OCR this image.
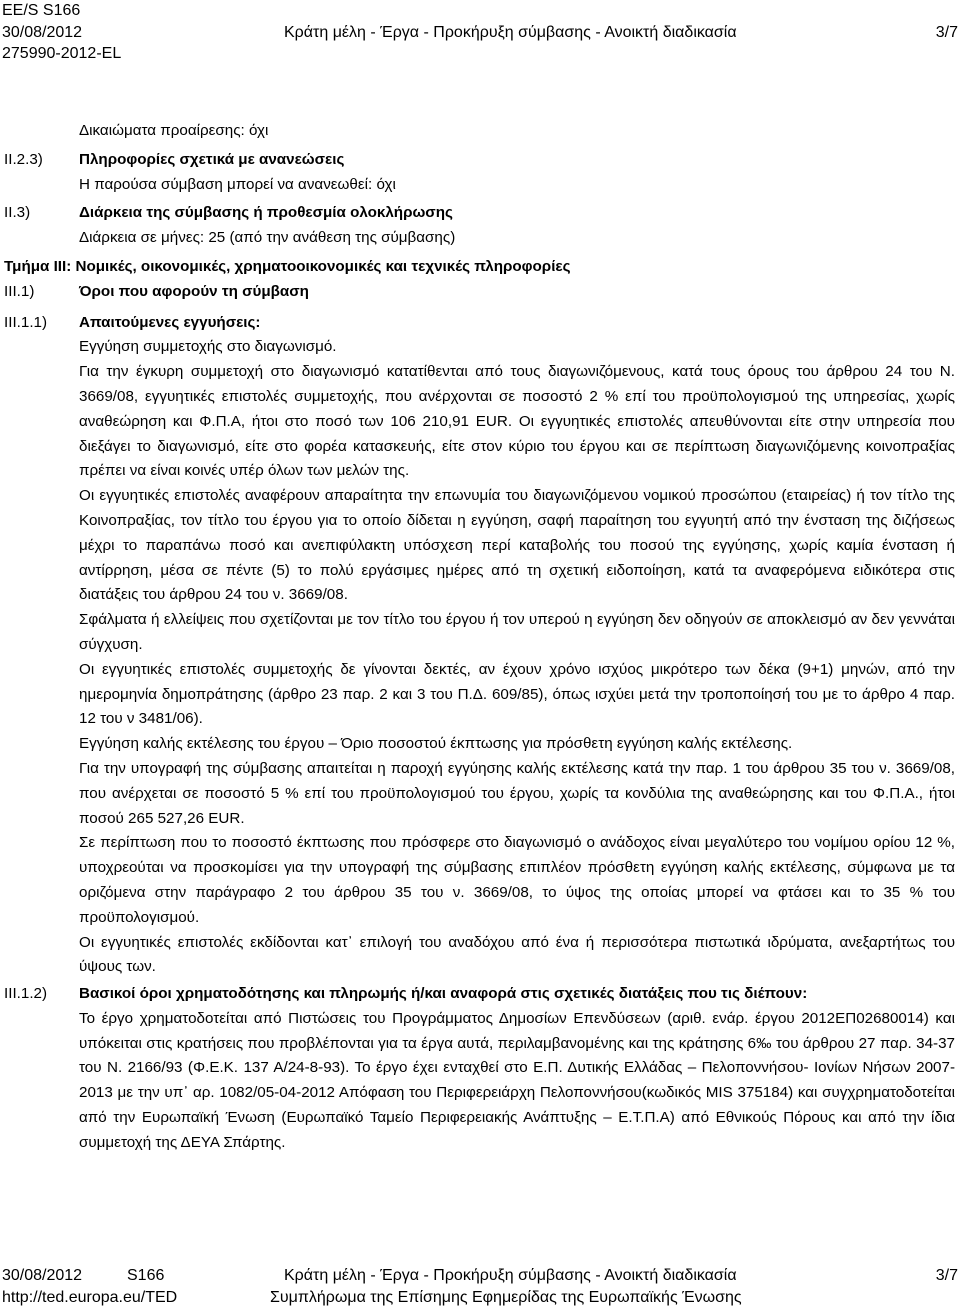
EE/S S166
30/08/2012	Κράτη μέλη - Έργα - Προκήρυξη σύμβασης - Ανοικτή διαδικασία	3/7
275990-2012-EL
Δικαιώματα προαίρεσης: όχι
II.2.3) Πληροφορίες σχετικά με ανανεώσεις
Η παρούσα σύμβαση μπορεί να ανανεωθεί: όχι
II.3)	Διάρκεια της σύμβασης ή προθεσμία ολοκλήρωσης
Διάρκεια σε μήνες: 25 (από την ανάθεση της σύμβασης)
Τμήμα III: Νομικές, οικονομικές, χρηματοοικονομικές και τεχνικές πληροφορίες
III.1)	Όροι που αφορούν τη σύμβαση
III.1.1) Απαιτούμενες εγγυήσεις:
Εγγύηση συμμετοχής στο διαγωνισμό.
Για την έγκυρη συμμετοχή στο διαγωνισμό κατατίθενται από τους διαγωνιζόμενους, κατά τους όρους του άρθρου 24 του Ν. 3669/08, εγγυητικές επιστολές συμμετοχής, που ανέρχονται σε ποσοστό 2 % επί του προϋπολογισμού της υπηρεσίας, χωρίς αναθεώρηση και Φ.Π.Α, ήτοι στο ποσό των 106 210,91 EUR. Οι εγγυητικές επιστολές απευθύνονται είτε στην υπηρεσία που διεξάγει το διαγωνισμό, είτε στο φορέα κατασκευής, είτε στον κύριο του έργου και σε περίπτωση διαγωνιζόμενης κοινοπραξίας πρέπει να είναι κοινές υπέρ όλων των μελών της.
Οι εγγυητικές επιστολές αναφέρουν απαραίτητα την επωνυμία του διαγωνιζόμενου νομικού προσώπου (εταιρείας) ή τον τίτλο της Κοινοπραξίας, τον τίτλο του έργου για το οποίο δίδεται η εγγύηση, σαφή παραίτηση του εγγυητή από την ένσταση της διζήσεως μέχρι το παραπάνω ποσό και ανεπιφύλακτη υπόσχεση περί καταβολής του ποσού της εγγύησης, χωρίς καμία ένσταση ή αντίρρηση, μέσα σε πέντε (5) το πολύ εργάσιμες ημέρες από τη σχετική ειδοποίηση, κατά τα αναφερόμενα ειδικότερα στις διατάξεις του άρθρου 24 του ν. 3669/08.
Σφάλματα ή ελλείψεις που σχετίζονται με τον τίτλο του έργου ή τον υπερού η εγγύηση δεν οδηγούν σε αποκλεισμό αν δεν γεννάται σύγχυση.
Οι εγγυητικές επιστολές συμμετοχής δε γίνονται δεκτές, αν έχουν χρόνο ισχύος μικρότερο των δέκα (9+1) μηνών, από την ημερομηνία δημοπράτησης (άρθρο 23 παρ. 2 και 3 του Π.Δ. 609/85), όπως ισχύει μετά την τροποποίησή του με το άρθρο 4 παρ. 12 του ν 3481/06).
Εγγύηση καλής εκτέλεσης του έργου – Όριο ποσοστού έκπτωσης για πρόσθετη εγγύηση καλής εκτέλεσης.
Για την υπογραφή της σύμβασης απαιτείται η παροχή εγγύησης καλής εκτέλεσης κατά την παρ. 1 του άρθρου 35 του ν. 3669/08, που ανέρχεται σε ποσοστό 5 % επί του προϋπολογισμού του έργου, χωρίς τα κονδύλια της αναθεώρησης και του Φ.Π.Α., ήτοι ποσού 265 527,26 EUR.
Σε περίπτωση που το ποσοστό έκπτωσης που πρόσφερε στο διαγωνισμό ο ανάδοχος είναι μεγαλύτερο του νομίμου ορίου 12 %, υποχρεούται να προσκομίσει για την υπογραφή της σύμβασης επιπλέον πρόσθετη εγγύηση καλής εκτέλεσης, σύμφωνα με τα οριζόμενα στην παράγραφο 2 του άρθρου 35 του ν. 3669/08, το ύψος της οποίας μπορεί να φτάσει και το 35 % του προϋπολογισμού.
Οι εγγυητικές επιστολές εκδίδονται κατ᾽ επιλογή του αναδόχου από ένα ή περισσότερα πιστωτικά ιδρύματα, ανεξαρτήτως του ύψους των.
III.1.2) Βασικοί όροι χρηματοδότησης και πληρωμής ή/και αναφορά στις σχετικές διατάξεις που τις διέπουν:
Το έργο χρηματοδοτείται από Πιστώσεις του Προγράμματος Δημοσίων Επενδύσεων (αριθ. ενάρ. έργου 2012ΕΠ02680014) και υπόκειται στις κρατήσεις που προβλέπονται για τα έργα αυτά, περιλαμβανομένης και της κράτησης 6‰ του άρθρου 27 παρ. 34-37 του Ν. 2166/93 (Φ.Ε.Κ. 137 Α/24-8-93). Το έργο έχει ενταχθεί στο Ε.Π. Δυτικής Ελλάδας – Πελοποννήσου- Ιονίων Νήσων 2007-2013 με την υπ᾽ αρ. 1082/05-04-2012 Απόφαση του Περιφερειάρχη Πελοποννήσου(κωδικός MIS 375184) και συγχρηματοδοτείται από την Ευρωπαϊκή Ένωση (Ευρωπαϊκό Ταμείο Περιφερειακής Ανάπτυξης – Ε.Τ.Π.Α) από Εθνικούς Πόρους και από την ίδια συμμετοχή της ΔΕΥΑ Σπάρτης.
30/08/2012	S166	Κράτη μέλη - Έργα - Προκήρυξη σύμβασης - Ανοικτή διαδικασία	3/7
http://ted.europa.eu/TED	Συμπλήρωμα της Επίσημης Εφημερίδας της Ευρωπαϊκής Ένωσης
